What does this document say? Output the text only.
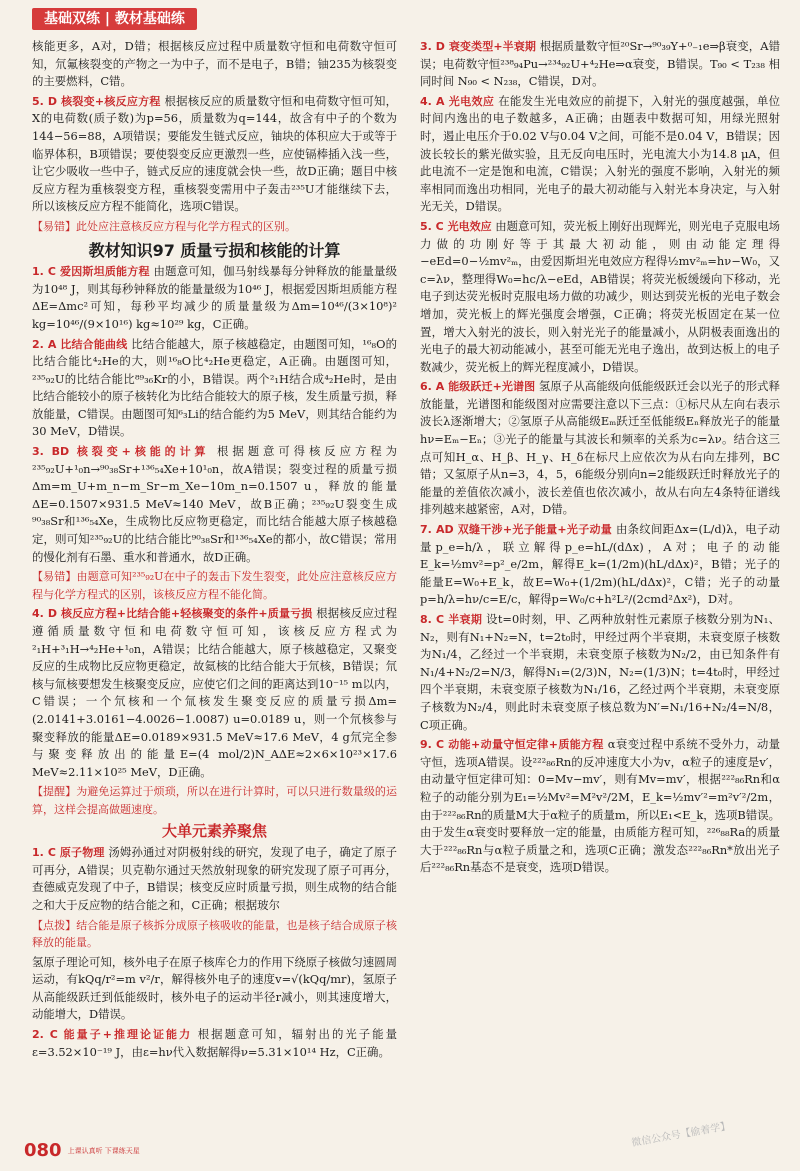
基础双练 | 教材基础练

核能更多，A对，D错；根据核反应过程中质量数守恒和电荷数守恒可知，氘氟核裂变的产物之一为中子，而不是电子，B错；铀235为核裂变的主要燃料，C错。

5. D 核裂变+核反应方程 根据核反应的质量数守恒和电荷数守恒可知，X的电荷数(质子数)为p=56，质量数为q=144，故含有中子的个数为144−56=88，A项错误；要能发生链式反应，铀块的体积应大于或等于临界体积，B项错误；要使裂变反应更激烈一些，应使镉棒插入浅一些，让它少吸收一些中子，链式反应的速度就会快一些，故D正确；题目中核反应方程为重核裂变方程，重核裂变需用中子轰击²³⁵U才能继续下去，所以该核反应方程不能简化，选项C错误。

【易错】此处应注意核反应方程与化学方程式的区别。

教材知识97 质量亏损和核能的计算

1. C 爱因斯坦质能方程 由题意可知，伽马射线暴每分钟释放的能量量级为10⁴⁸ J，则其每秒钟释放的能量量级为10⁴⁶ J，根据爱因斯坦质能方程ΔE=Δmc²可知，每秒平均减少的质量量级为Δm=10⁴⁶/(3×10⁸)² kg=10⁴⁶/(9×10¹⁶) kg≈10²⁹ kg，C正确。

2. A 比结合能曲线 比结合能越大，原子核越稳定，由题图可知，¹⁶₈O的比结合能比⁴₂He的大，则¹⁶₈O比⁴₂He更稳定，A正确。由题图可知，²³⁵₉₂U的比结合能比⁸⁹₃₆Kr的小，B错误。两个²₁H结合成⁴₂He时，是由比结合能较小的原子核转化为比结合能较大的原子核，发生质量亏损，释放能量，C错误。由题图可知⁶₃Li的结合能约为5 MeV，则其结合能约为30 MeV，D错误。

3. BD 核裂变+核能的计算 根据题意可得核反应方程为²³⁵₉₂U+¹₀n→⁹⁰₃₈Sr+¹³⁶₅₄Xe+10¹₀n，故A错误；裂变过程的质量亏损Δm=m_U+m_n−m_Sr−m_Xe−10m_n=0.1507 u，释放的能量ΔE=0.1507×931.5 MeV≈140 MeV，故B正确；²³⁵₉₂U裂变生成⁹⁰₃₈Sr和¹³⁶₅₄Xe，生成物比反应物更稳定，而比结合能越大原子核越稳定，则可知²³⁵₉₂U的比结合能比⁹⁰₃₈Sr和¹³⁶₅₄Xe的都小，故C错误；常用的慢化剂有石墨、重水和普通水，故D正确。

【易错】由题意可知²³⁵₉₂U在中子的轰击下发生裂变，此处应注意核反应方程与化学方程式的区别，该核反应方程不能化简。

4. D 核反应方程+比结合能+轻核聚变的条件+质量亏损 根据核反应过程遵循质量数守恒和电荷数守恒可知，该核反应方程式为²₁H+³₁H→⁴₂He+¹₀n，A错误；比结合能越大，原子核越稳定，又聚变反应的生成物比反应物更稳定，故氦核的比结合能大于氘核，B错误；氘核与氚核要想发生核聚变反应，应使它们之间的距离达到10⁻¹⁵ m以内，C错误；一个氘核和一个氚核发生聚变反应的质量亏损Δm=(2.0141+3.0161−4.0026−1.0087) u=0.0189 u，则一个氘核参与聚变释放的能量ΔE=0.0189×931.5 MeV≈17.6 MeV，4 g氘完全参与聚变释放出的能量E=(4 mol/2)N_AΔE≈2×6×10²³×17.6 MeV≈2.11×10²⁵ MeV，D正确。

【提醒】为避免运算过于烦琐，所以在进行计算时，可以只进行数量级的运算，这样会提高做题速度。

大单元素养聚焦

1. C 原子物理 汤姆孙通过对阴极射线的研究，发现了电子，确定了原子可再分，A错误；贝克勒尔通过天然放射现象的研究发现了原子可再分，查德威克发现了中子，B错误；核变反应时质量亏损，则生成物的结合能之和大于反应物的结合能之和，C正确；根据玻尔

【点拨】结合能是原子核拆分成原子核吸收的能量，也是核子结合成原子核释放的能量。

氢原子理论可知，核外电子在原子核库仑力的作用下绕原子核做匀速圆周运动，有kQq/r²=m v²/r，解得核外电子的速度v=√(kQq/mr)，氢原子从高能级跃迁到低能级时，核外电子的运动半径r减小，则其速度增大，动能增大，D错误。

2. C 能量子+推理论证能力 根据题意可知，辐射出的光子能量ε=3.52×10⁻¹⁹ J，由ε=hν代入数据解得ν=5.31×10¹⁴ Hz，C正确。

3. D 衰变类型+半衰期 根据质量数守恒²⁰Sr→⁹⁰₃₉Y+⁰₋₁e⇒β衰变，A错误；电荷数守恒²³⁸₉₄Pu→²³⁴₉₂U+⁴₂He⇒α衰变，B错误。T₉₀ < T₂₃₈ 相同时间 N₉₀ < N₂₃₈，C错误，D对。

4. A 光电效应 在能发生光电效应的前提下，入射光的强度越强，单位时间内逸出的电子数越多，A正确；由题表中数据可知，用绿光照射时，遏止电压介于0.02 V与0.04 V之间，可能不是0.04 V，B错误；因波长较长的紫光做实验，且无反向电压时，光电流大小为14.8 μA，但此电流不一定是饱和电流，C错误；入射光的强度不影响，入射光的频率相同而逸出功相同，光电子的最大初动能与入射光本身决定，与入射光无关，D错误。

5. C 光电效应 由题意可知，荧光板上刚好出现辉光，则光电子克服电场力做的功刚好等于其最大初动能，则由动能定理得−eEd=0−½mv²ₘ，由爱因斯坦光电效应方程得½mv²ₘ=hν−W₀，又c=λν，整理得W₀=hc/λ−eEd，AB错误；将荧光板缓缓向下移动，光电子到达荧光板时克服电场力做的功减少，则达到荧光板的光电子数会增加，荧光板上的辉光强度会增强，C正确；将荧光板固定在某一位置，增大入射光的波长，则入射光光子的能量减小，从阴极表面逸出的光电子的最大初动能减小，甚至可能无光电子逸出，故到达板上的电子数减少，荧光板上的辉光程度减小，D错误。

6. A 能级跃迁+光谱图 氢原子从高能级向低能级跃迁会以光子的形式释放能量，光谱图和能级图对应需要注意以下三点：①标尺从左向右表示波长λ逐渐增大；②氢原子从高能级Eₘ跃迁至低能级Eₙ释放光子的能量hν=Eₘ−Eₙ；③光子的能量与其波长和频率的关系为c=λν。结合这三点可知H_α、H_β、H_γ、H_δ在标尺上应依次为从右向左排列，BC错；又氢原子从n=3，4，5，6能级分别向n=2能级跃迁时释放光子的能量的差值依次减小，波长差值也依次减小，故从右向左4条特征谱线排列越来越紧密，A对，D错。

7. AD 双缝干涉+光子能量+光子动量 由条纹间距Δx=(L/d)λ，电子动量p_e=h/λ，联立解得p_e=hL/(dΔx)，A对；电子的动能E_k=½mv²=p²_e/2m，解得E_k=(1/2m)(hL/dΔx)²，B错；光子的能量E=W₀+E_k，故E=W₀+(1/2m)(hL/dΔx)²，C错；光子的动量p=h/λ=hν/c=E/c，解得p=W₀/c+h²L²/(2cmd²Δx²)，D对。

8. C 半衰期 设t=0时刻，甲、乙两种放射性元素原子核数分别为N₁、N₂，则有N₁+N₂=N，t=2t₀时，甲经过两个半衰期，未衰变原子核数为N₁/4，乙经过一个半衰期，未衰变原子核数为N₂/2，由已知条件有N₁/4+N₂/2=N/3，解得N₁=(2/3)N，N₂=(1/3)N；t=4t₀时，甲经过四个半衰期，未衰变原子核数为N₁/16，乙经过两个半衰期，未衰变原子核数为N₂/4，则此时未衰变原子核总数为N′=N₁/16+N₂/4=N/8，C项正确。

9. C 动能+动量守恒定律+质能方程 α衰变过程中系统不受外力，动量守恒，选项A错误。设²²²₈₆Rn的反冲速度大小为v，α粒子的速度是v′，由动量守恒定律可知：0=Mv−mv′，则有Mv=mv′，根据²²²₈₆Rn和α粒子的动能分别为E₁=½Mv²=M²v²/2M，E_k=½mv′²=m²v′²/2m，由于²²²₈₆Rn的质量M大于α粒子的质量m，所以E₁<E_k，选项B错误。由于发生α衰变时要释放一定的能量，由质能方程可知，²²⁶₈₈Ra的质量大于²²²₈₆Rn与α粒子质量之和，选项C正确；激发态²²²₈₆Rn*放出光子后²²²₈₆Rn基态不是衰变，选项D错误。

080 上课认真听 下课练天星
微信公众号【偷着学】
